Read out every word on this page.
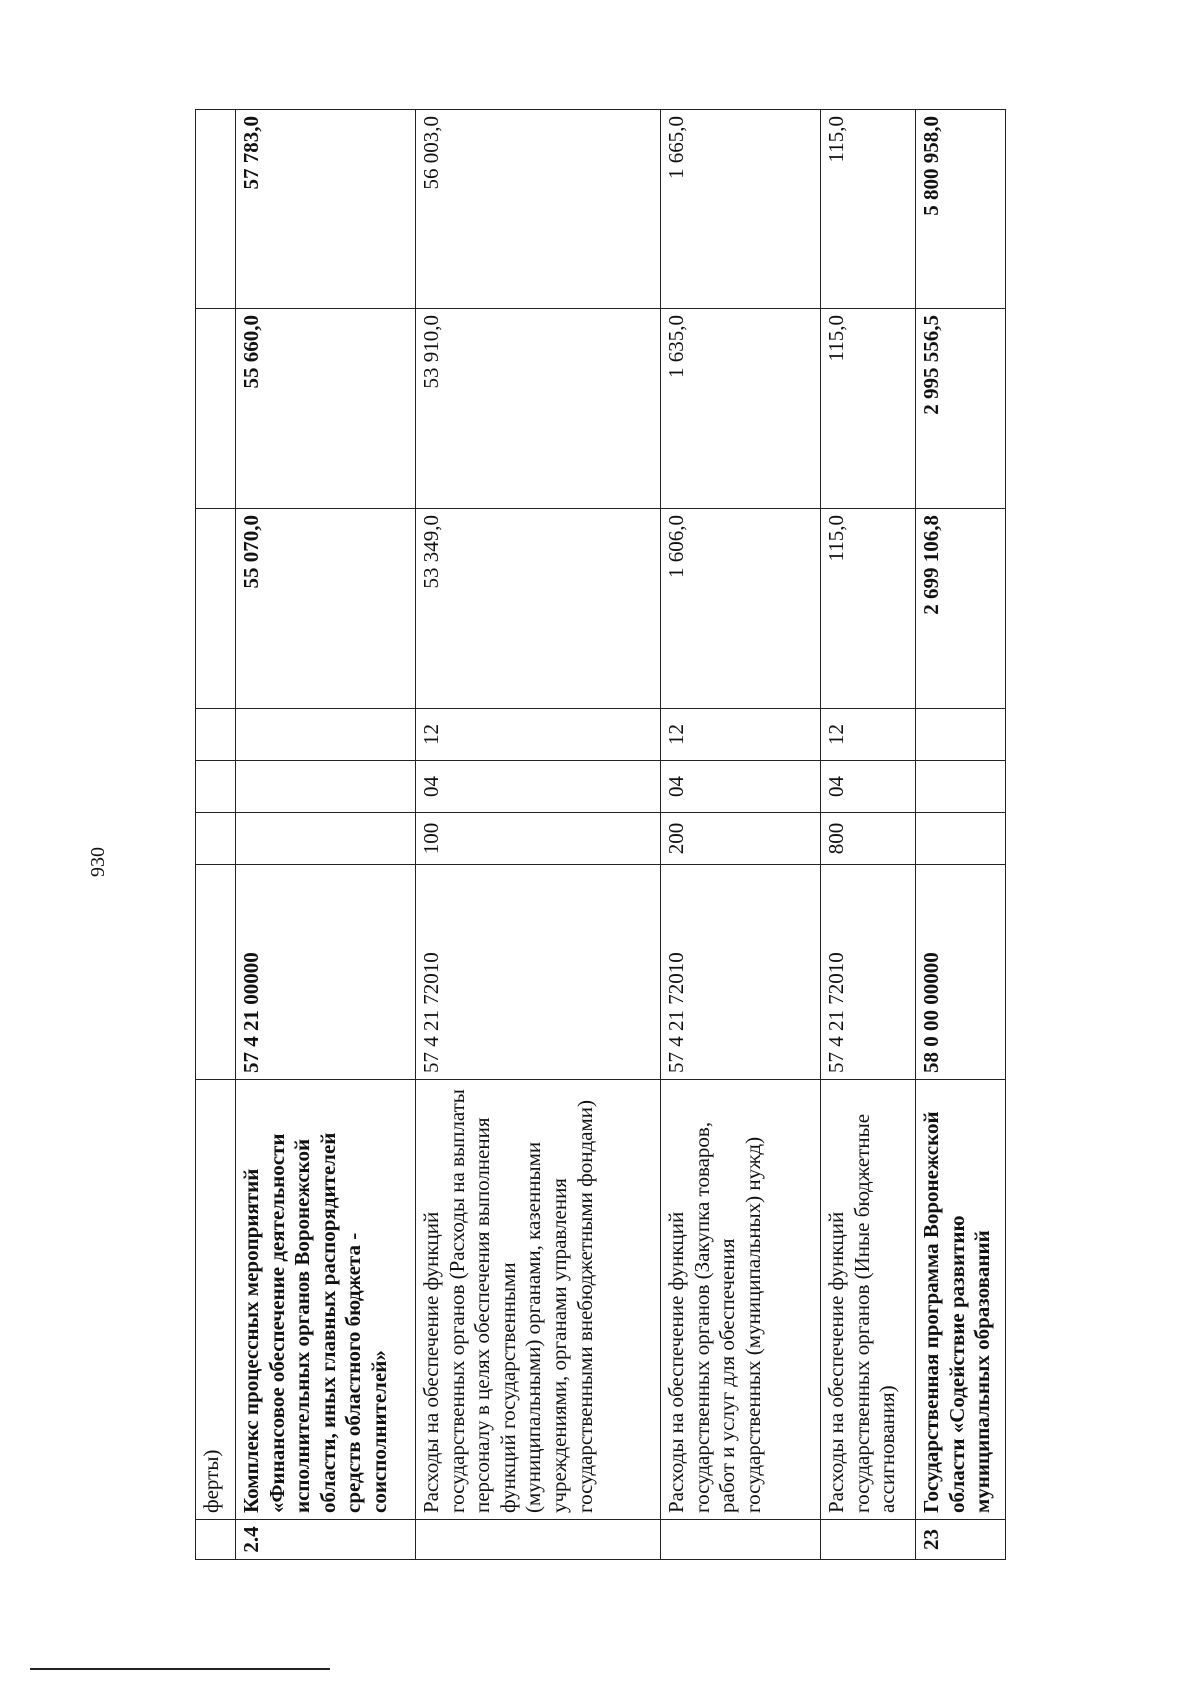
930
	ферты)							
2.4	Комплекс процессных мероприятий «Финансовое обеспечение деятельности исполнительных органов Воронежской области, иных главных распорядителей средств областного бюджета - соисполнителей»	57 4 21 00000				55 070,0	55 660,0	57 783,0
	Расходы на обеспечение функций государственных органов (Расходы на выплаты персоналу в целях обеспечения выполнения функций государственными (муниципальными) органами, казенными учреждениями, органами управления государственными внебюджетными фондами)	57 4 21 72010	100	04	12	53 349,0	53 910,0	56 003,0
	Расходы на обеспечение функций государственных органов (Закупка товаров, работ и услуг для обеспечения государственных (муниципальных) нужд)	57 4 21 72010	200	04	12	1 606,0	1 635,0	1 665,0
	Расходы на обеспечение функций государственных органов (Иные бюджетные ассигнования)	57 4 21 72010	800	04	12	115,0	115,0	115,0
23	Государственная программа Воронежской области «Содействие развитию муниципальных образований	58 0 00 00000				2 699 106,8	2 995 556,5	5 800 958,0
